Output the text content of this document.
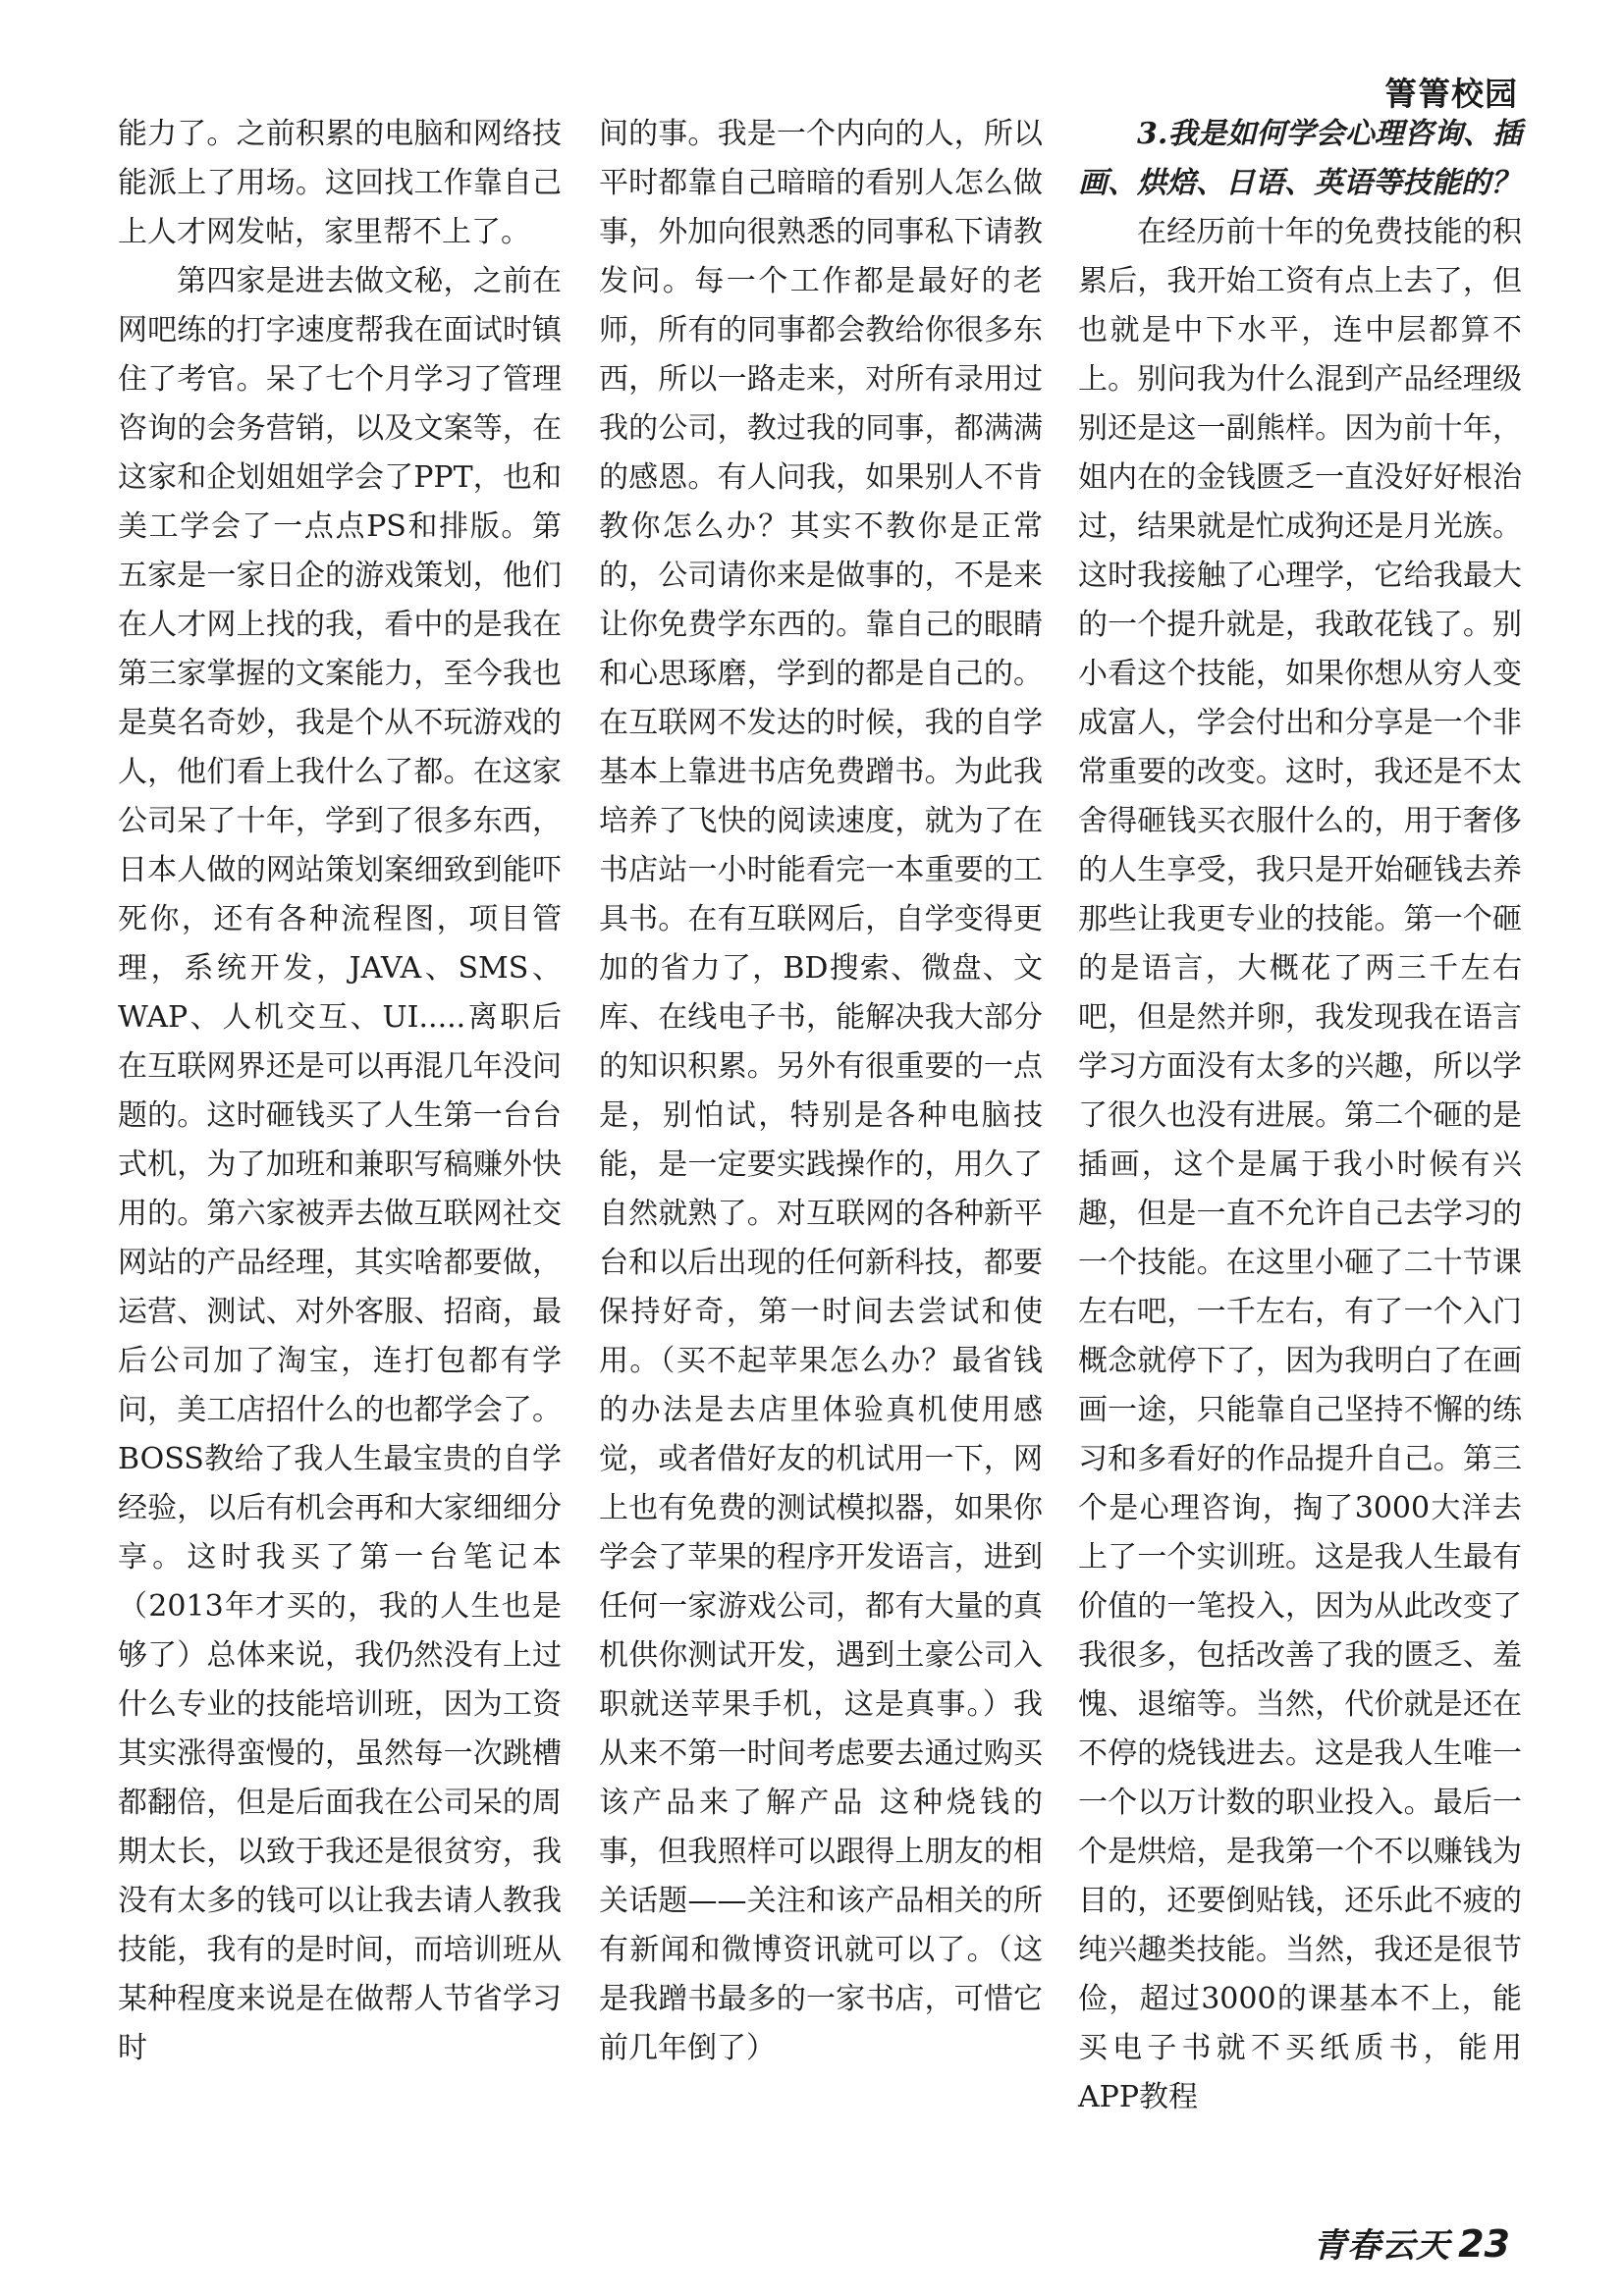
箐箐校园

能力了。之前积累的电脑和网络技能派上了用场。这回找工作靠自己上人才网发帖，家里帮不上了。

第四家是进去做文秘，之前在网吧练的打字速度帮我在面试时镇住了考官。呆了七个月学习了管理咨询的会务营销，以及文案等，在这家和企划姐姐学会了PPT，也和美工学会了一点点PS和排版。第五家是一家日企的游戏策划，他们在人才网上找的我，看中的是我在第三家掌握的文案能力，至今我也是莫名奇妙，我是个从不玩游戏的人，他们看上我什么了都。在这家公司呆了十年，学到了很多东西，日本人做的网站策划案细致到能吓死你，还有各种流程图，项目管理，系统开发，JAVA、SMS、WAP、人机交互、UI.....离职后在互联网界还是可以再混几年没问题的。这时砸钱买了人生第一台台式机，为了加班和兼职写稿赚外快用的。第六家被弄去做互联网社交网站的产品经理，其实啥都要做，运营、测试、对外客服、招商，最后公司加了淘宝，连打包都有学问，美工店招什么的也都学会了。BOSS教给了我人生最宝贵的自学经验，以后有机会再和大家细细分享。这时我买了第一台笔记本（2013年才买的，我的人生也是够了）总体来说，我仍然没有上过什么专业的技能培训班，因为工资其实涨得蛮慢的，虽然每一次跳槽都翻倍，但是后面我在公司呆的周期太长，以致于我还是很贫穷，我没有太多的钱可以让我去请人教我技能，我有的是时间，而培训班从某种程度来说是在做帮人节省学习时

间的事。我是一个内向的人，所以平时都靠自己暗暗的看别人怎么做事，外加向很熟悉的同事私下请教发问。每一个工作都是最好的老师，所有的同事都会教给你很多东西，所以一路走来，对所有录用过我的公司，教过我的同事，都满满的感恩。有人问我，如果别人不肯教你怎么办？其实不教你是正常的，公司请你来是做事的，不是来让你免费学东西的。靠自己的眼睛和心思琢磨，学到的都是自己的。在互联网不发达的时候，我的自学基本上靠进书店免费蹭书。为此我培养了飞快的阅读速度，就为了在书店站一小时能看完一本重要的工具书。在有互联网后，自学变得更加的省力了，BD搜索、微盘、文库、在线电子书，能解决我大部分的知识积累。另外有很重要的一点是，别怕试，特别是各种电脑技能，是一定要实践操作的，用久了自然就熟了。对互联网的各种新平台和以后出现的任何新科技，都要保持好奇，第一时间去尝试和使用。（买不起苹果怎么办？最省钱的办法是去店里体验真机使用感觉，或者借好友的机试用一下，网上也有免费的测试模拟器，如果你学会了苹果的程序开发语言，进到任何一家游戏公司，都有大量的真机供你测试开发，遇到土豪公司入职就送苹果手机，这是真事。）我从来不第一时间考虑要去通过购买该产品来了解产品 这种烧钱的事，但我照样可以跟得上朋友的相关话题——关注和该产品相关的所有新闻和微博资讯就可以了。（这是我蹭书最多的一家书店，可惜它前几年倒了）

3.我是如何学会心理咨询、插画、烘焙、日语、英语等技能的？

在经历前十年的免费技能的积累后，我开始工资有点上去了，但也就是中下水平，连中层都算不上。别问我为什么混到产品经理级别还是这一副熊样。因为前十年，姐内在的金钱匮乏一直没好好根治过，结果就是忙成狗还是月光族。这时我接触了心理学，它给我最大的一个提升就是，我敢花钱了。别小看这个技能，如果你想从穷人变成富人，学会付出和分享是一个非常重要的改变。这时，我还是不太舍得砸钱买衣服什么的，用于奢侈的人生享受，我只是开始砸钱去养那些让我更专业的技能。第一个砸的是语言，大概花了两三千左右吧，但是然并卵，我发现我在语言学习方面没有太多的兴趣，所以学了很久也没有进展。第二个砸的是插画，这个是属于我小时候有兴趣，但是一直不允许自己去学习的一个技能。在这里小砸了二十节课左右吧，一千左右，有了一个入门概念就停下了，因为我明白了在画画一途，只能靠自己坚持不懈的练习和多看好的作品提升自己。第三个是心理咨询，掏了3000大洋去上了一个实训班。这是我人生最有价值的一笔投入，因为从此改变了我很多，包括改善了我的匮乏、羞愧、退缩等。当然，代价就是还在不停的烧钱进去。这是我人生唯一一个以万计数的职业投入。最后一个是烘焙，是我第一个不以赚钱为目的，还要倒贴钱，还乐此不疲的纯兴趣类技能。当然，我还是很节俭，超过3000的课基本不上，能买电子书就不买纸质书，能用APP教程

青春云天 23
